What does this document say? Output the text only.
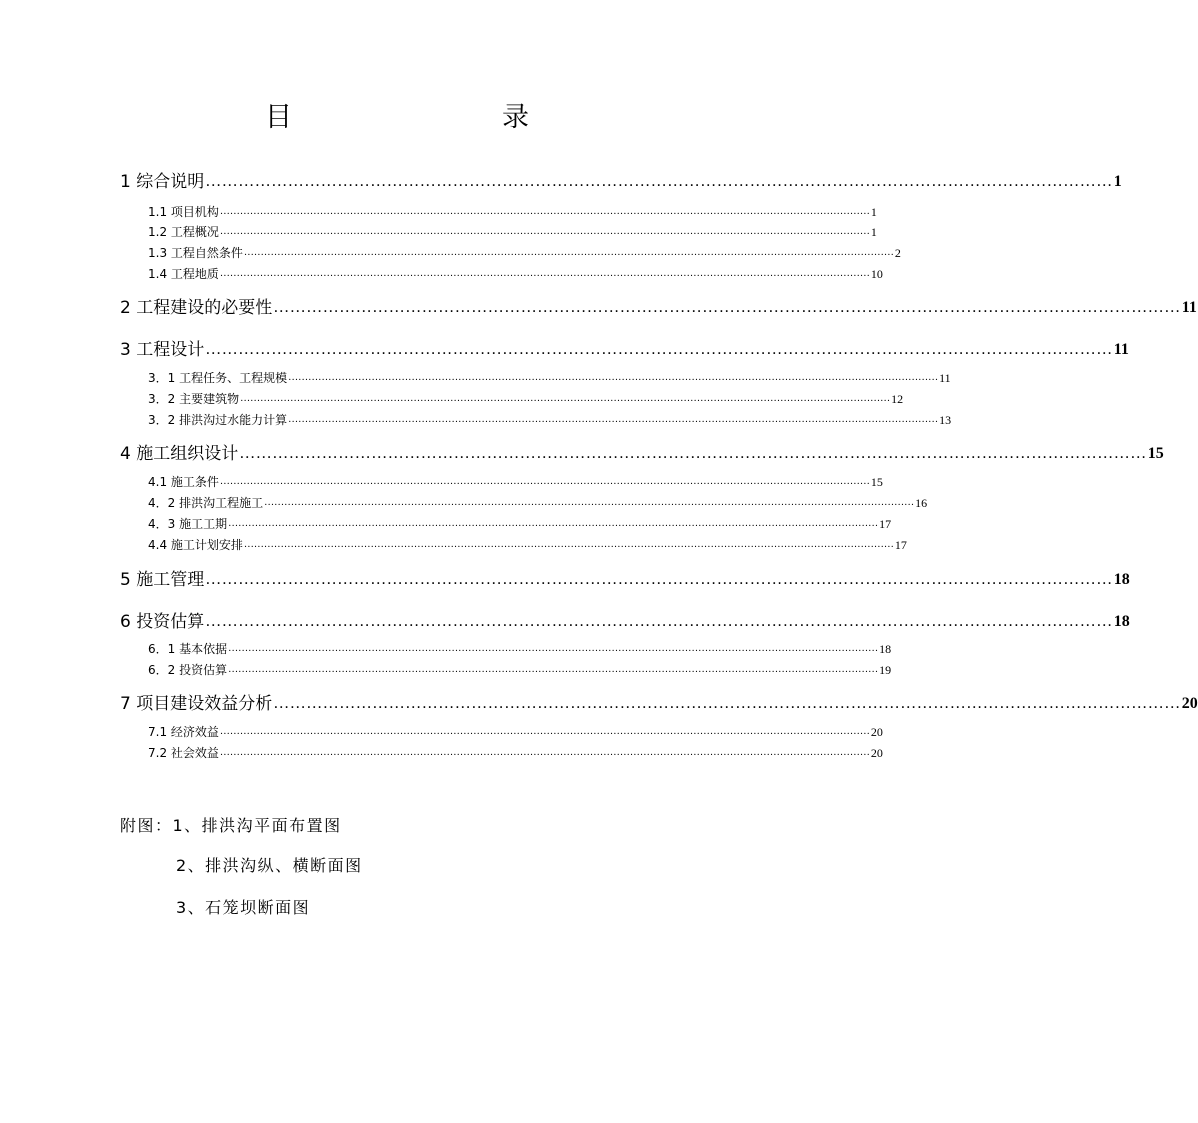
目　　录
1 综合说明 ………………………………………………………………………………………………………………………………………………… 1
1.1 项目机构 …………………………………………………………………………………………………………………………………………………………………………… 1
1.2 工程概况 …………………………………………………………………………………………………………………………………………………………………………… 1
1.3 工程自然条件 …………………………………………………………………………………………………………………………………………………………………………… 2
1.4 工程地质 …………………………………………………………………………………………………………………………………………………………………………… 10
2 工程建设的必要性 ………………………………………………………………………………………………………………………………………………… 11
3 工程设计 ………………………………………………………………………………………………………………………………………………… 11
3．1 工程任务、工程规模 …………………………………………………………………………………………………………………………………………………………………………… 11
3．2 主要建筑物 …………………………………………………………………………………………………………………………………………………………………………… 12
3．2 排洪沟过水能力计算 …………………………………………………………………………………………………………………………………………………………………………… 13
4 施工组织设计 ………………………………………………………………………………………………………………………………………………… 15
4.1 施工条件 …………………………………………………………………………………………………………………………………………………………………………… 15
4．2 排洪沟工程施工 …………………………………………………………………………………………………………………………………………………………………………… 16
4．3 施工工期 …………………………………………………………………………………………………………………………………………………………………………… 17
4.4 施工计划安排 …………………………………………………………………………………………………………………………………………………………………………… 17
5 施工管理 ………………………………………………………………………………………………………………………………………………… 18
6 投资估算 ………………………………………………………………………………………………………………………………………………… 18
6．1 基本依据 …………………………………………………………………………………………………………………………………………………………………………… 18
6．2 投资估算 …………………………………………………………………………………………………………………………………………………………………………… 19
7 项目建设效益分析 ………………………………………………………………………………………………………………………………………………… 20
7.1 经济效益 …………………………………………………………………………………………………………………………………………………………………………… 20
7.2 社会效益 …………………………………………………………………………………………………………………………………………………………………………… 20
附图：1、排洪沟平面布置图
2、排洪沟纵、横断面图
3、石笼坝断面图
